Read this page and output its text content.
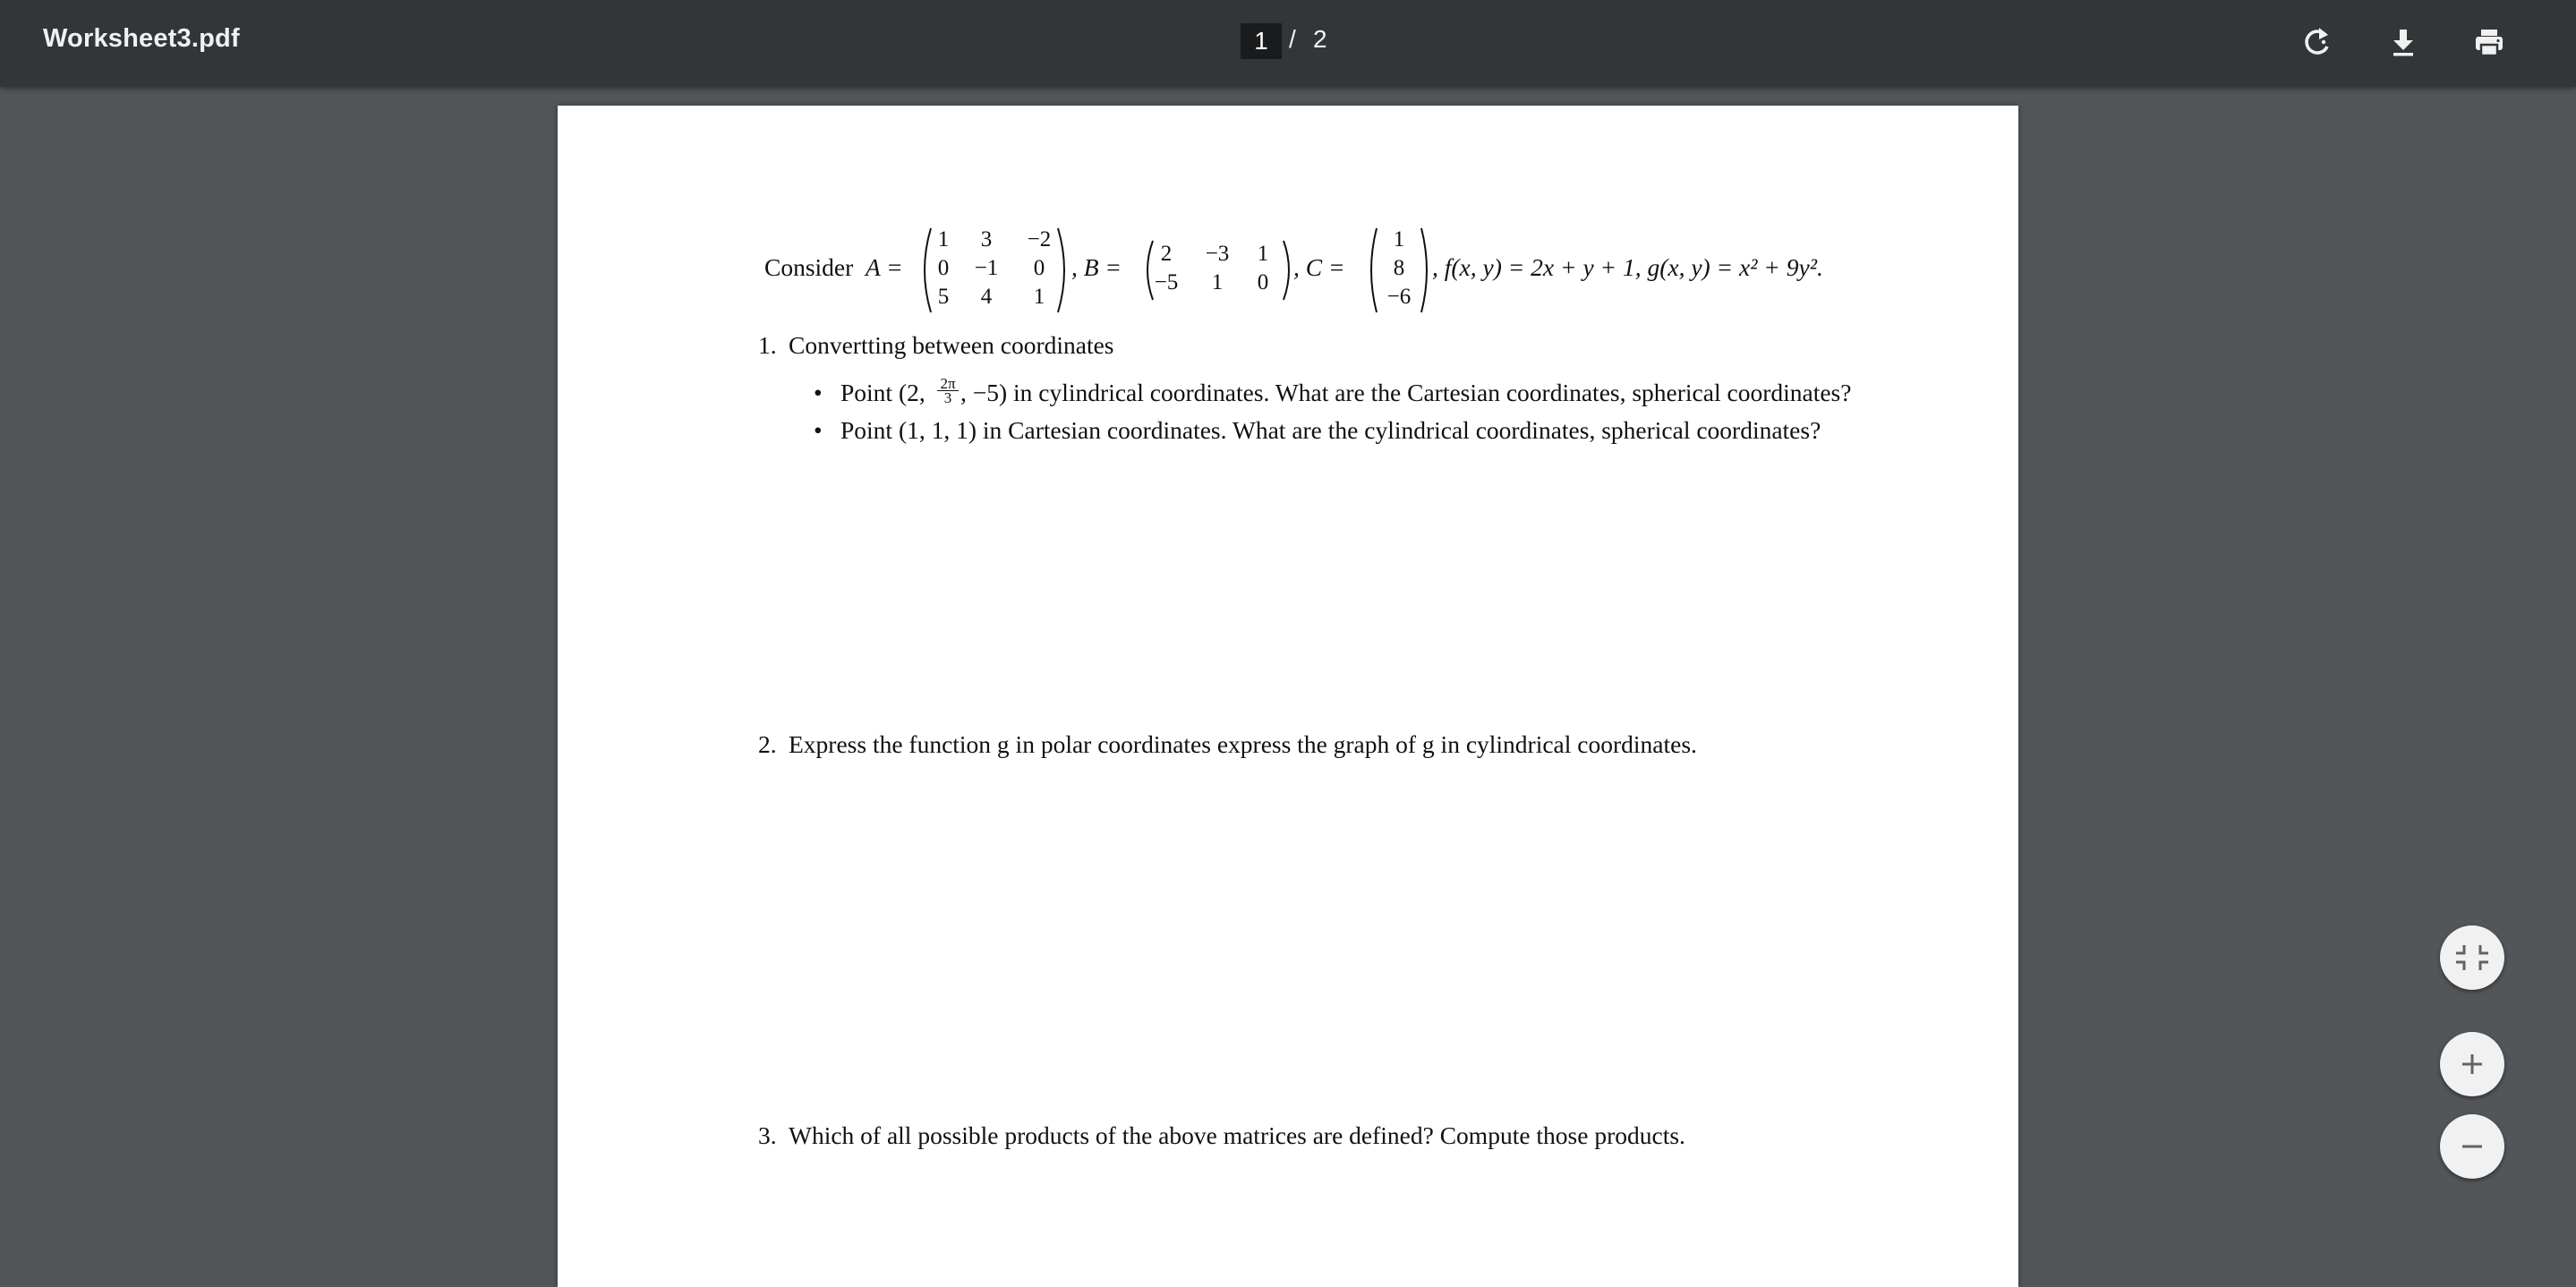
Worksheet3.pdf
1	/ 2
Consider A =
1	3	−2
0	−1	0
5	4	1
, B =	2	−3	1
−5	1	0
, C =
1
8
−6
, f(x, y) = 2x + y + 1, g(x, y) = x² + 9y².
1. Convertting between coordinates
• Point (2, $\frac{2\pi}{3}$ , −5) in cylindrical coordinates. What are the Cartesian coordinates, spherical coordinates?
• Point (1, 1, 1) in Cartesian coordinates. What are the cylindrical coordinates, spherical coordinates?
2. Express the function g in polar coordinates express the graph of g in cylindrical coordinates.
3. Which of all possible products of the above matrices are defined? Compute those products.
